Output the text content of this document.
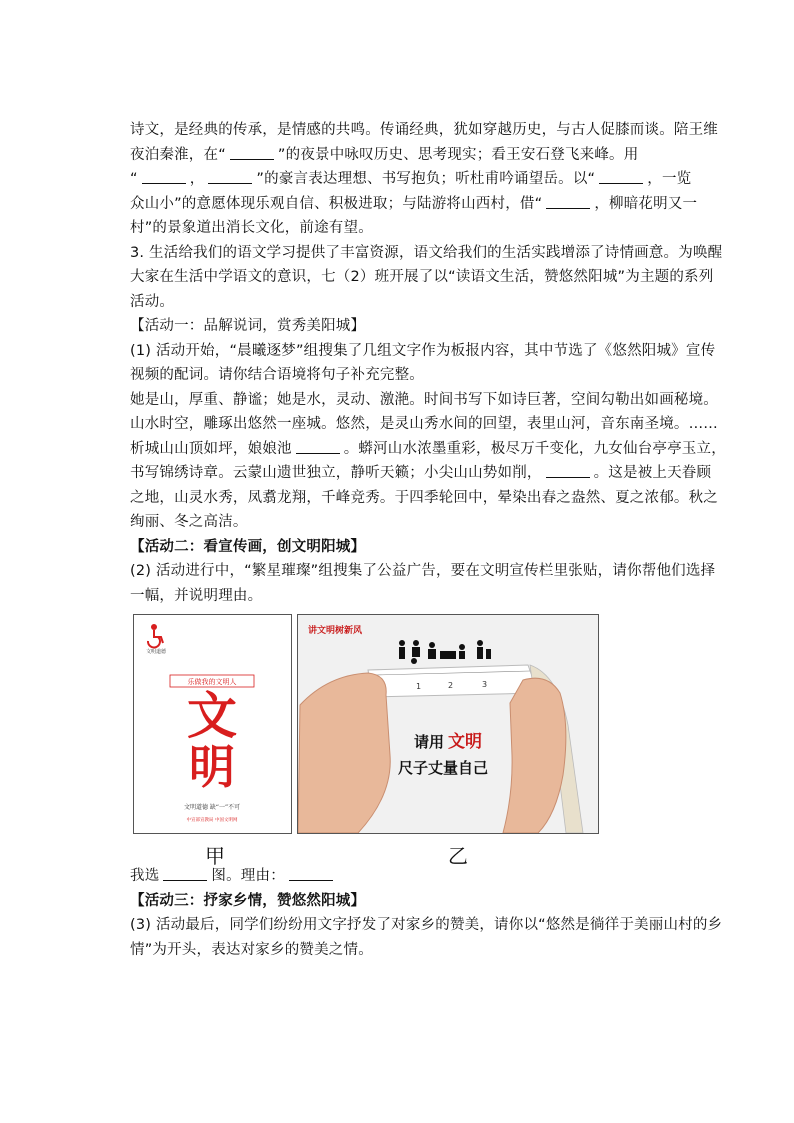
诗文，是经典的传承，是情感的共鸣。传诵经典，犹如穿越历史，与古人促膝而谈。陪王维
夜泊秦淮，在“	”的夜景中咏叹历史、思考现实；看王安石登飞来峰。用
“	，	”的豪言表达理想、书写抱负；听杜甫吟诵望岳。以“	，一览
众山小”的意愿体现乐观自信、积极进取；与陆游将山西村，借“	，柳暗花明又一
村”的景象道出消长文化，前途有望。
3. 生活给我们的语文学习提供了丰富资源，语文给我们的生活实践增添了诗情画意。为唤醒
大家在生活中学语文的意识，七（2）班开展了以“读语文生活，赞悠然阳城”为主题的系列
活动。
【活动一：品解说词，赏秀美阳城】
(1) 活动开始，“晨曦逐梦”组搜集了几组文字作为板报内容，其中节选了《悠然阳城》宣传
视频的配词。请你结合语境将句子补充完整。
她是山，厚重、静谧；她是水，灵动、激滟。时间书写下如诗巨著，空间勾勒出如画秘境。
山水时空，雕琢出悠然一座城。悠然，是灵山秀水间的回望，表里山河，音东南圣境。……
析城山山顶如坪，娘娘池	。蟒河山水浓墨重彩，极尽万千变化，九女仙台亭亭玉立，
书写锦绣诗章。云蒙山遗世独立，静听天籁；小尖山山势如削，	。这是被上天眷顾
之地，山灵水秀，凤翥龙翔，千峰竞秀。于四季轮回中，晕染出春之盎然、夏之浓郁。秋之
绚丽、冬之高洁。
【活动二：看宣传画，创文明阳城】
(2) 活动进行中，“繁星璀璨”组搜集了公益广告，要在文明宣传栏里张贴，请你帮他们选择
一幅，并说明理由。
文明道德
乐做我的文明人
文
明
文明道德 缺“一”不可
中宣部宣教局 中国文明网
讲文明树新风
1	2	3
请用 文明
尺子丈量自己
甲	乙
我选	图。理由：
【活动三：抒家乡情，赞悠然阳城】
(3) 活动最后，同学们纷纷用文字抒发了对家乡的赞美，请你以“悠然是徜徉于美丽山村的乡
情”为开头，表达对家乡的赞美之情。
